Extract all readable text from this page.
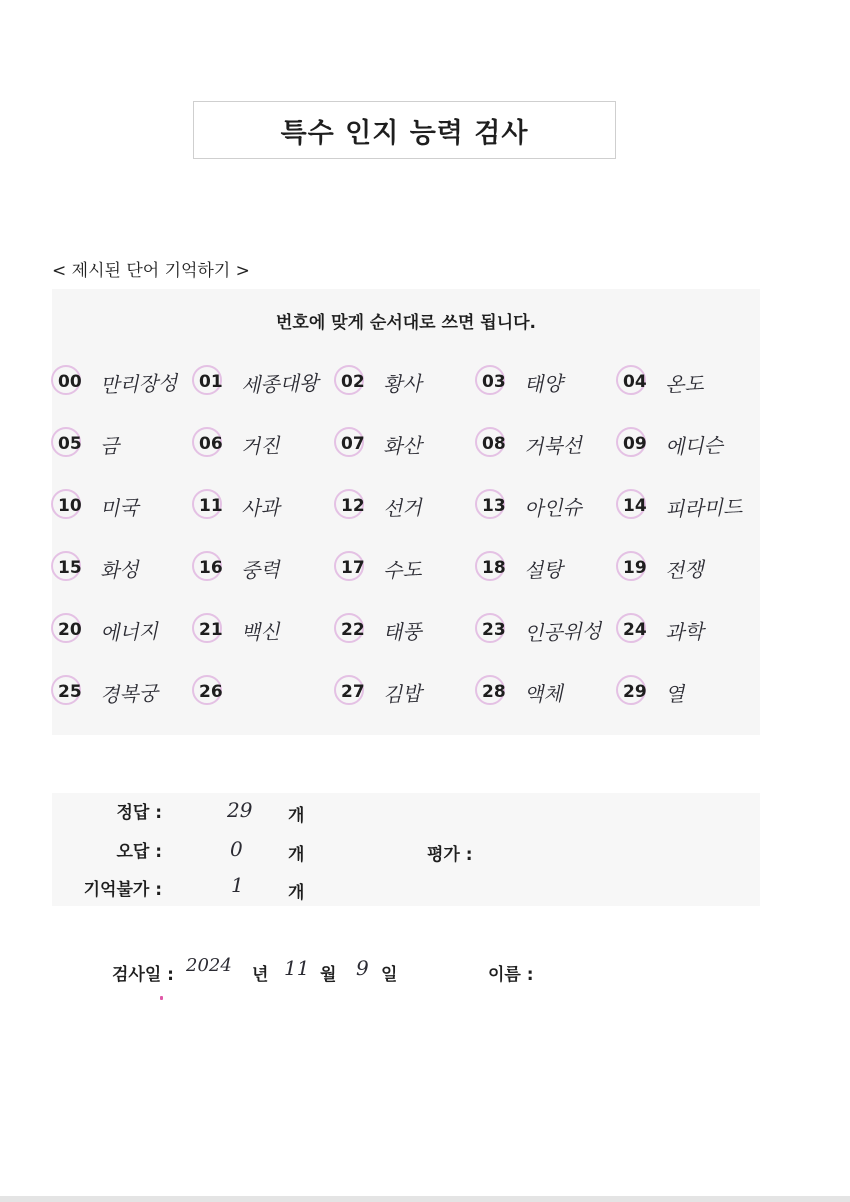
특수 인지 능력 검사
< 제시된 단어 기억하기 >
번호에 맞게 순서대로 쓰면 됩니다.
00 만리장성 01 세종대왕 02 황사	03 태양	04 온도
05 금	06 거진	07 화산	08 거북선 09 에디슨
10 미국	11 사과	12 선거	13 아인슈 14 피라미드
15 화성	16 중력	17 수도	18 설탕	19 전쟁
20 에너지 21 백신	22 태풍	23 인공위성 24 과학
25 경복궁 26	27 김밥	28 액체	29 열
정답 :	29 개
오답 :	0	개
기억불가 :	1	개
평가 :
검사일 : 2024 년 11 월 9 일	이름 :
